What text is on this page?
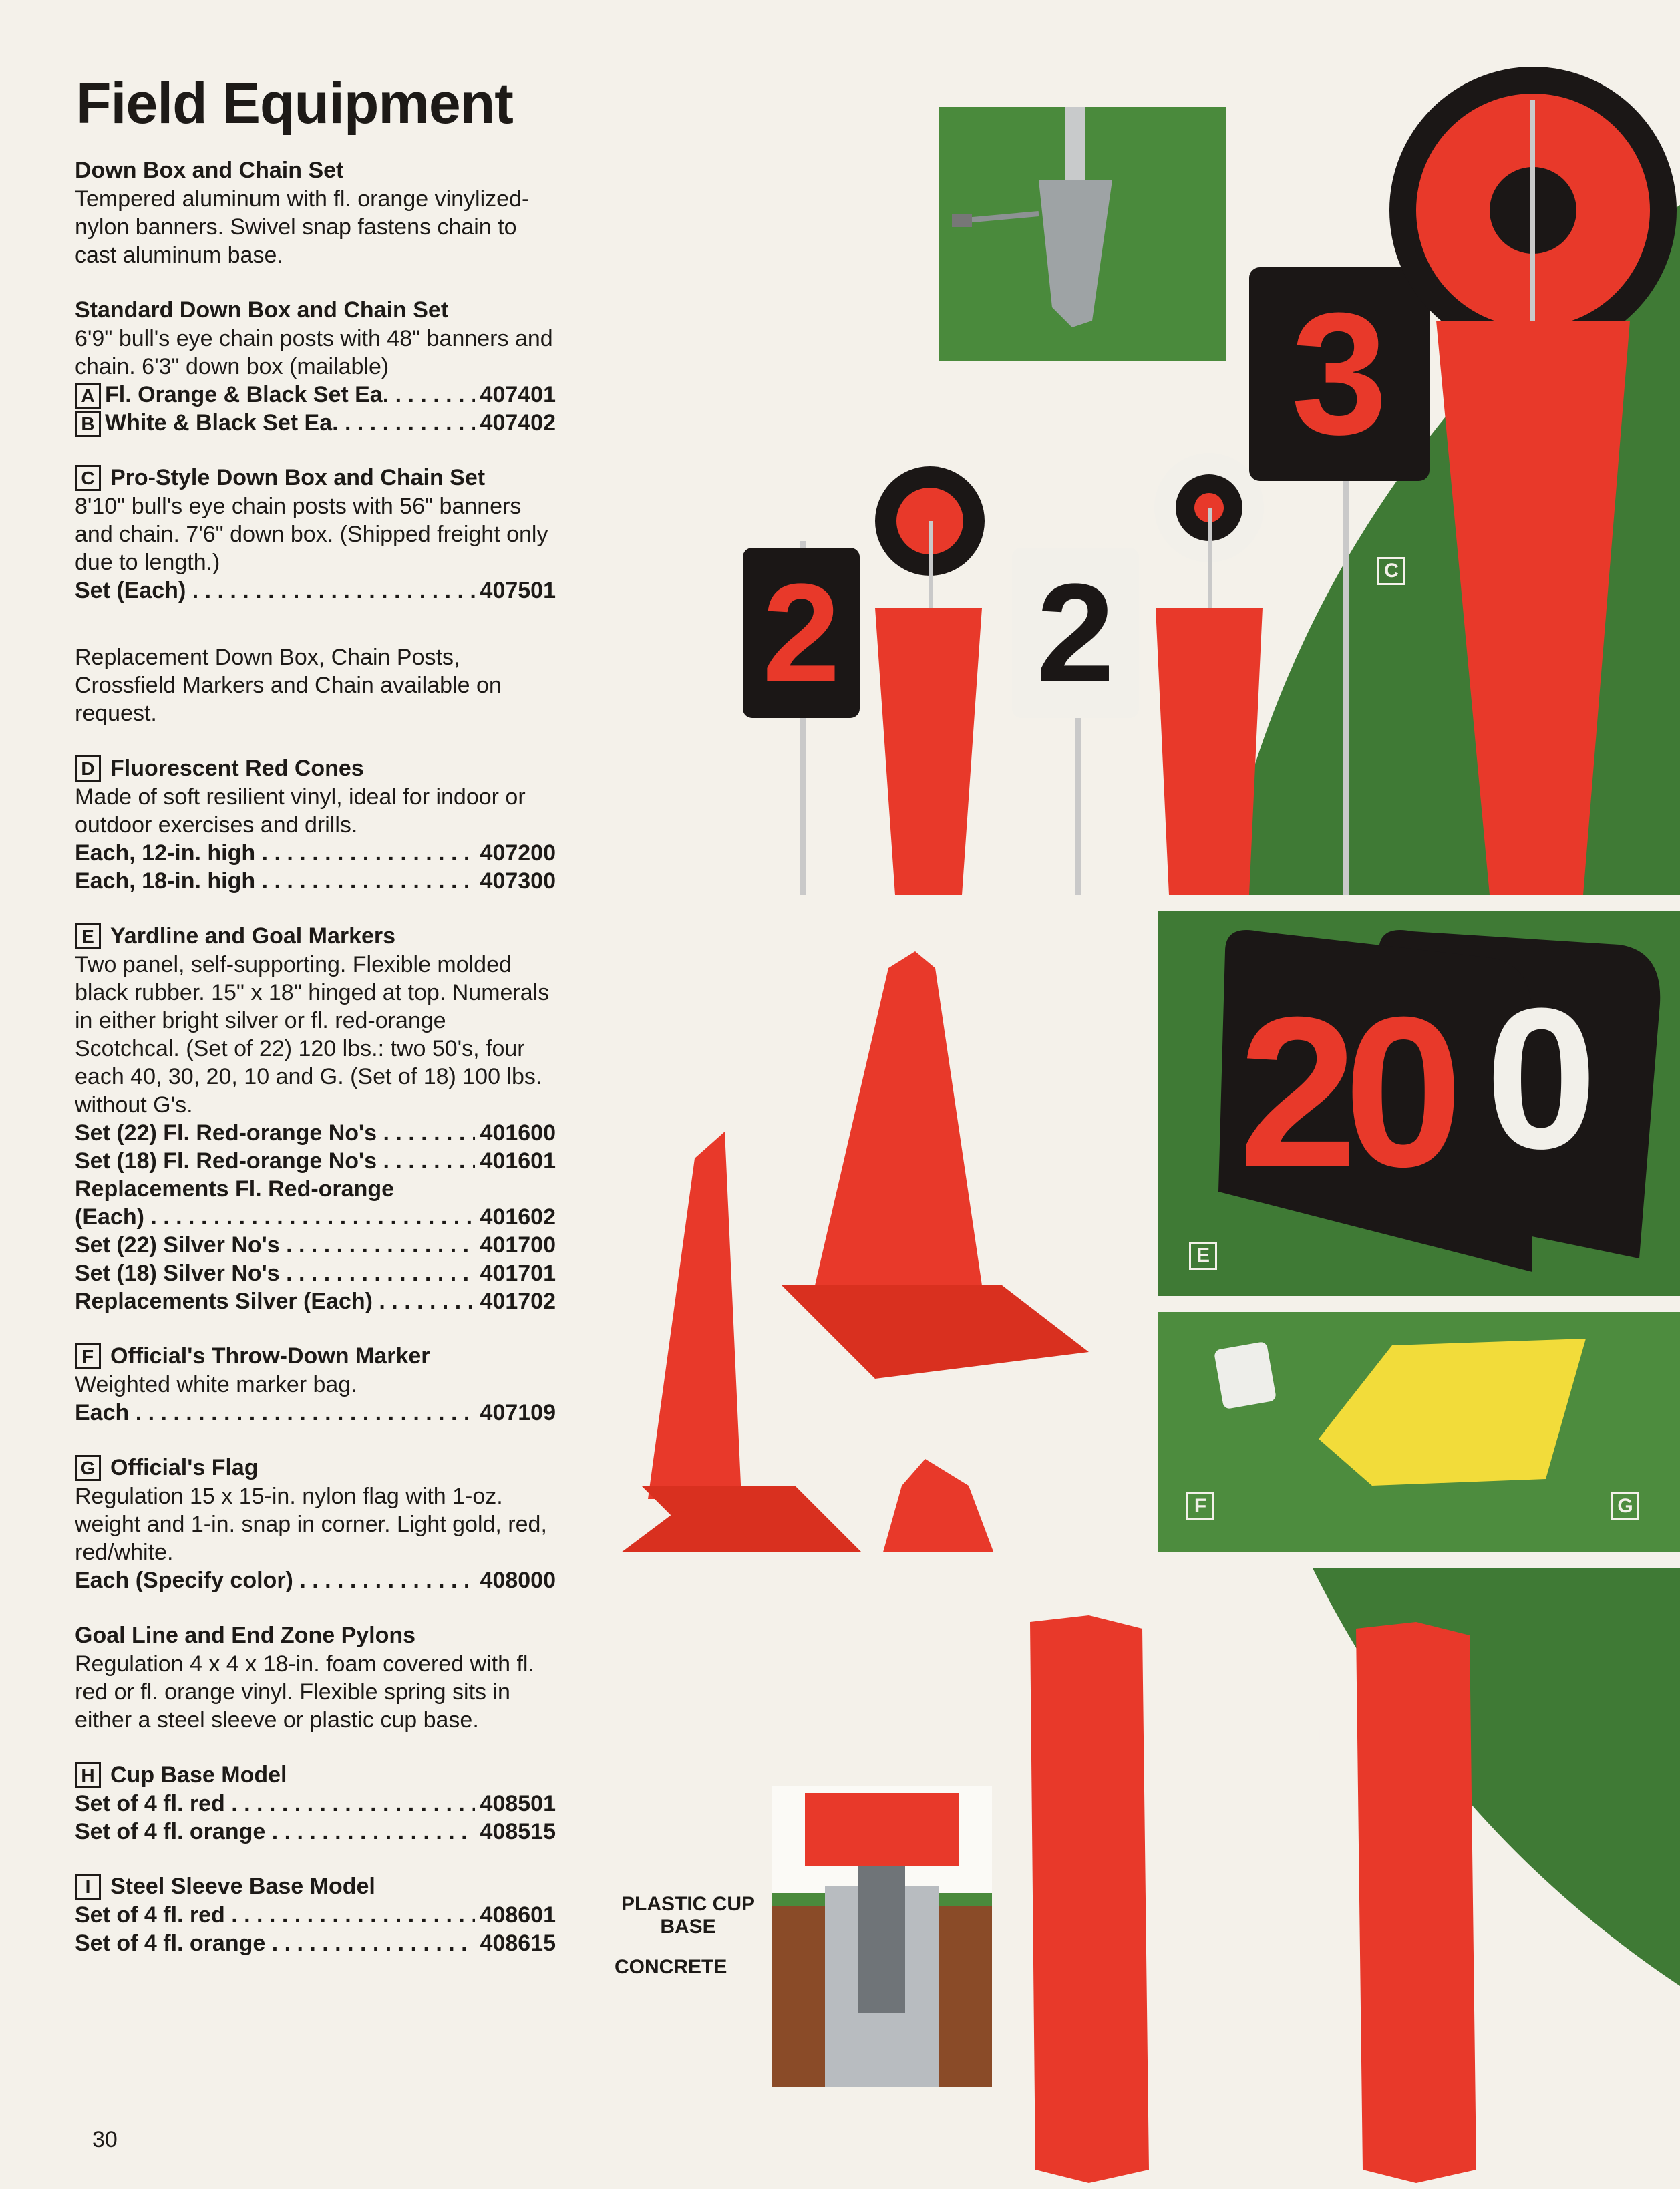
Field Equipment
Down Box and Chain Set
Tempered aluminum with fl. orange vinylized-nylon banners. Swivel snap fastens chain to cast aluminum base.
Standard Down Box and Chain Set
6'9" bull's eye chain posts with 48" banners and chain. 6'3" down box (mailable)
A Fl. Orange & Black Set Ea. . . .	407401
B White & Black Set Ea. . . .	407402
C Pro-Style Down Box and Chain Set
8'10" bull's eye chain posts with 56" banners and chain. 7'6" down box. (Shipped freight only due to length.)
Set (Each) . . .	407501
Replacement Down Box, Chain Posts, Crossfield Markers and Chain available on request.
D Fluorescent Red Cones
Made of soft resilient vinyl, ideal for indoor or outdoor exercises and drills.
Each, 12-in. high . . .	407200
Each, 18-in. high . . .	407300
E Yardline and Goal Markers
Two panel, self-supporting. Flexible molded black rubber. 15" x 18" hinged at top. Numerals in either bright silver or fl. red-orange Scotchcal. (Set of 22) 120 lbs.: two 50's, four each 40, 30, 20, 10 and G. (Set of 18) 100 lbs. without G's.
Set (22) Fl. Red-orange No's . . .	401600
Set (18) Fl. Red-orange No's . . .	401601
Replacements Fl. Red-orange
(Each) . . .	401602
Set (22) Silver No's . . .	401700
Set (18) Silver No's . . .	401701
Replacements Silver (Each) . . .	401702
F Official's Throw-Down Marker
Weighted white marker bag.
Each . . .	407109
G Official's Flag
Regulation 15 x 15-in. nylon flag with 1-oz. weight and 1-in. snap in corner. Light gold, red, red/white.
Each (Specify color) . . .	408000
Goal Line and End Zone Pylons
Regulation 4 x 4 x 18-in. foam covered with fl. red or fl. orange vinyl. Flexible spring sits in either a steel sleeve or plastic cup base.
H Cup Base Model
Set of 4 fl. red . . .	408501
Set of 4 fl. orange . . .	408515
I Steel Sleeve Base Model
Set of 4 fl. red . . .	408601
Set of 4 fl. orange . . .	408615
30
2 2
3
A	B
C
D
0
20
E
F	G
H	I
PLASTIC CUP BASE
CONCRETE
